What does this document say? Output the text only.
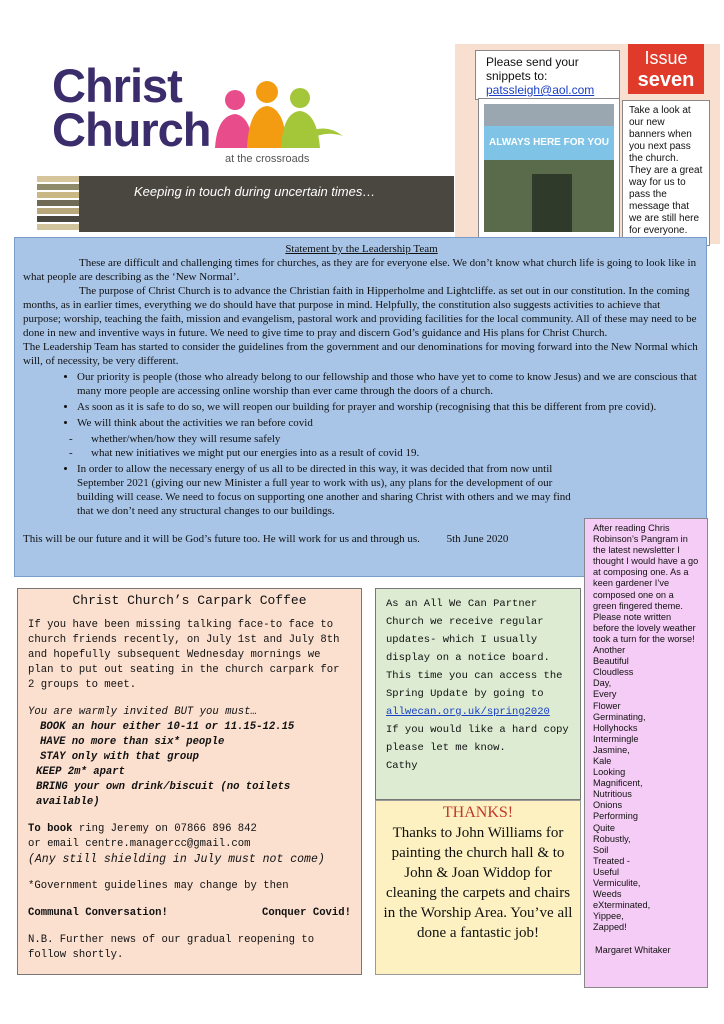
Christ
Church
at the crossroads
Keeping in touch during uncertain times…
Please send your
snippets to:
patssleigh@aol.com
Issue
seven
ALWAYS HERE FOR YOU
Take a look at our new banners when you next pass the church. They are a great way for us to pass the message that we are still here for everyone.
Statement by the Leadership Team

These are difficult and challenging times for churches, as they are for everyone else. We don’t know what church life is going to look like in what people are describing as the ‘New Normal’.

The purpose of Christ Church is to advance the Christian faith in Hipperholme and Lightcliffe. as set out in our constitution. In the coming months, as in earlier times, everything we do should have that purpose in mind. Helpfully, the constitution also suggests activities to achieve that purpose; worship, teaching the faith, mission and evangelism, pastoral work and providing facilities for the local community. All of these may need to be done in new and inventive ways in future. We need to give time to pray and discern God’s guidance and His plans for Christ Church.

The Leadership Team has started to consider the guidelines from the government and our denominations for moving forward into the New Normal which will, of necessity, be very different.

• Our priority is people (those who already belong to our fellowship and those who have yet to come to know Jesus) and we are conscious that many more people are accessing online worship than ever came through the doors of a church.
• As soon as it is safe to do so, we will reopen our building for prayer and worship (recognising that this be different from pre covid).
• We will think about the activities we ran before covid
-	whether/when/how they will resume safely
-	what new initiatives we might put our energies into as a result of covid 19.
• In order to allow the necessary energy of us all to be directed in this way, it was decided that from now until September 2021 (giving our new Minister a full year to work with us), any plans for the development of our building will cease. We need to focus on supporting one another and sharing Christ with others and we may find that we don’t need any structural changes to our buildings.

This will be our future and it will be God’s future too. He will work for us and through us. 5th June 2020

Christ Church’s Carpark Coffee

If you have been missing talking face-to face to church friends recently, on July 1st and July 8th and hopefully subsequent Wednesday mornings we plan to put out seating in the church carpark for 2 groups to meet.

You are warmly invited BUT you must…
BOOK an hour either 10-11 or 11.15-12.15
HAVE no more than six* people
STAY only with that group
KEEP 2m* apart
BRING your own drink/biscuit (no toilets available)
To book ring Jeremy on 07866 896 842
or email centre.managercc@gmail.com
(Any still shielding in July must not come)

*Government guidelines may change by then

Communal Conversation!	Conquer Covid!

N.B. Further news of our gradual reopening to follow shortly.

As an All We Can Partner Church we receive regular updates- which I usually display on a notice board. This time you can access the Spring Update by going to
allwecan.org.uk/spring2020
If you would like a hard copy please let me know.
Cathy
THANKS!
Thanks to John Williams for painting the church hall & to John & Joan Widdop for cleaning the carpets and chairs in the Worship Area. You’ve all done a fantastic job!
After reading Chris Robinson’s Pangram in the latest newsletter I thought I would have a go at composing one. As a keen gardener I’ve composed one on a green fingered theme. Please note written before the lovely weather took a turn for the worse!
Another
Beautiful
Cloudless
Day,
Every
Flower
Germinating,
Hollyhocks
Intermingle
Jasmine,
Kale
Looking
Magnificent,
Nutritious
Onions
Performing
Quite
Robustly,
Soil
Treated -
Useful
Vermiculite,
Weeds
eXterminated,
Yippee,
Zapped!
Margaret Whitaker
